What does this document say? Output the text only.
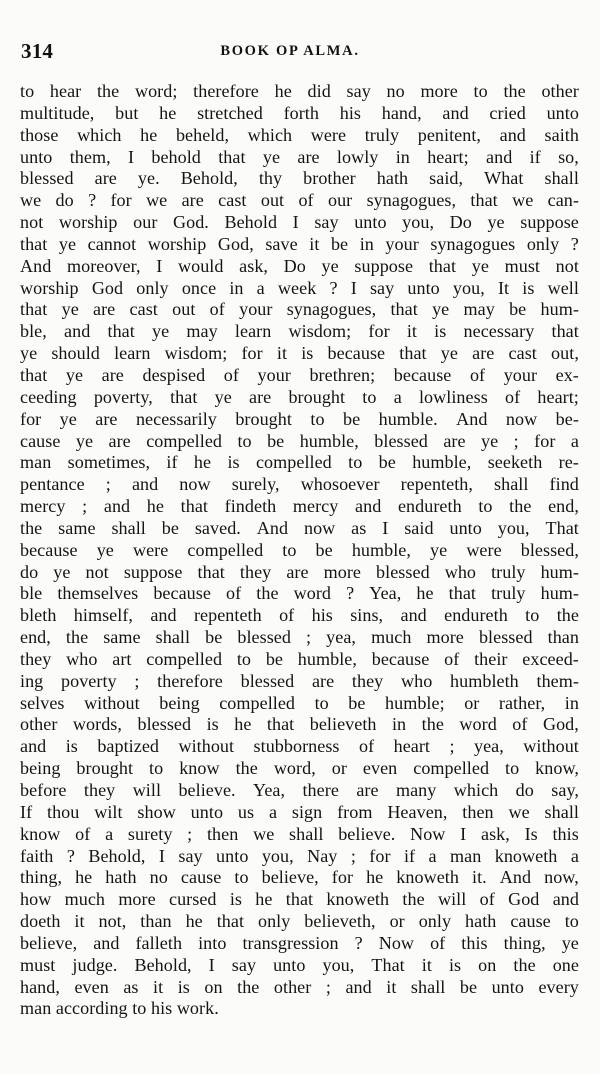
314	BOOK OP ALMA.
to hear the word; therefore he did say no more to the other
multitude, but he stretched forth his hand, and cried unto
those which he beheld, which were truly penitent, and saith
unto them, I behold that ye are lowly in heart; and if so,
blessed are ye. Behold, thy brother hath said, What shall
we do ? for we are cast out of our synagogues, that we can-
not worship our God. Behold I say unto you, Do ye suppose
that ye cannot worship God, save it be in your synagogues only ?
And moreover, I would ask, Do ye suppose that ye must not
worship God only once in a week ? I say unto you, It is well
that ye are cast out of your synagogues, that ye may be hum-
ble, and that ye may learn wisdom; for it is necessary that
ye should learn wisdom; for it is because that ye are cast out,
that ye are despised of your brethren; because of your ex-
ceeding poverty, that ye are brought to a lowliness of heart;
for ye are necessarily brought to be humble. And now be-
cause ye are compelled to be humble, blessed are ye ; for a
man sometimes, if he is compelled to be humble, seeketh re-
pentance ; and now surely, whosoever repenteth, shall find
mercy ; and he that findeth mercy and endureth to the end,
the same shall be saved. And now as I said unto you, That
because ye were compelled to be humble, ye were blessed,
do ye not suppose that they are more blessed who truly hum-
ble themselves because of the word ? Yea, he that truly hum-
bleth himself, and repenteth of his sins, and endureth to the
end, the same shall be blessed ; yea, much more blessed than
they who art compelled to be humble, because of their exceed-
ing poverty ; therefore blessed are they who humbleth them-
selves without being compelled to be humble; or rather, in
other words, blessed is he that believeth in the word of God,
and is baptized without stubborness of heart ; yea, without
being brought to know the word, or even compelled to know,
before they will believe. Yea, there are many which do say,
If thou wilt show unto us a sign from Heaven, then we shall
know of a surety ; then we shall believe. Now I ask, Is this
faith ? Behold, I say unto you, Nay ; for if a man knoweth a
thing, he hath no cause to believe, for he knoweth it. And now,
how much more cursed is he that knoweth the will of God and
doeth it not, than he that only believeth, or only hath cause to
believe, and falleth into transgression ? Now of this thing, ye
must judge. Behold, I say unto you, That it is on the one
hand, even as it is on the other ; and it shall be unto every
man according to his work.
